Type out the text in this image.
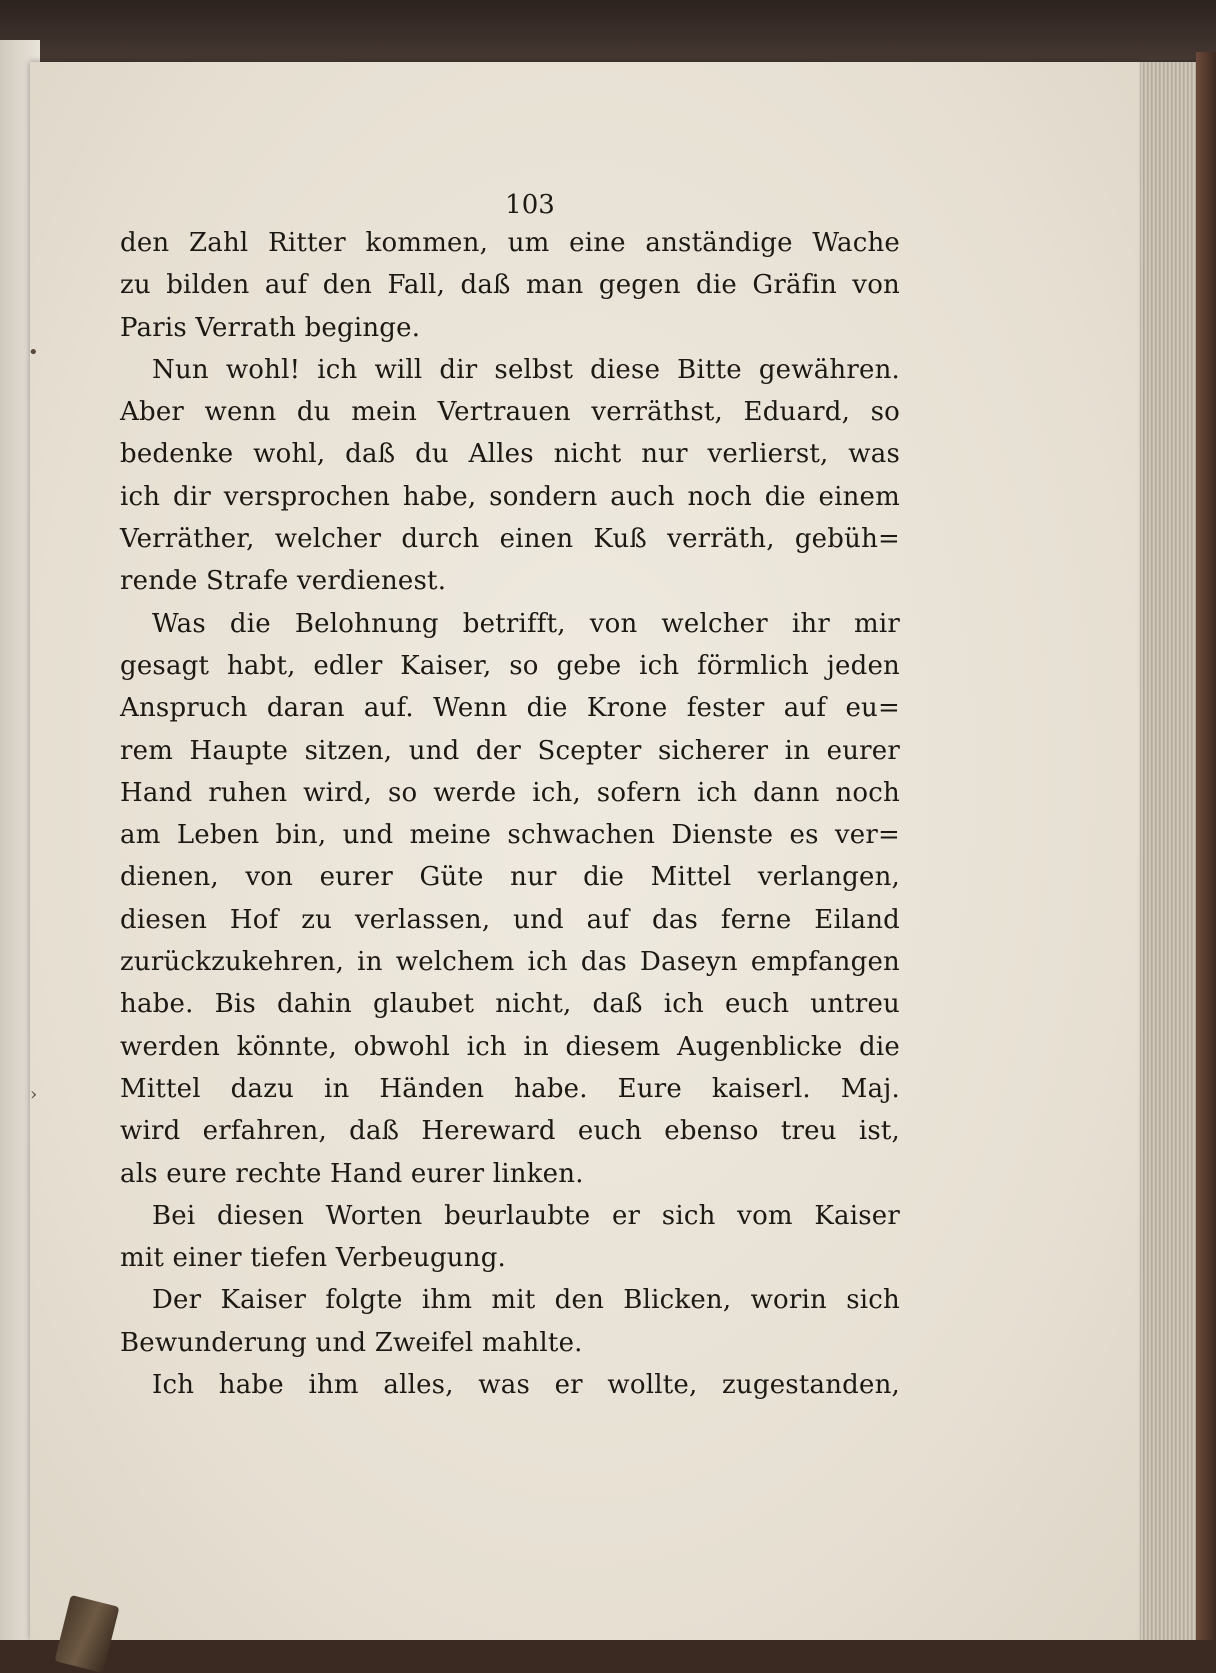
•
›
103
den Zahl Ritter kommen, um eine anständige Wache
zu bilden auf den Fall, daß man gegen die Gräfin von
Paris Verrath beginge.
Nun wohl! ich will dir selbst diese Bitte gewähren.
Aber wenn du mein Vertrauen verräthst, Eduard, so
bedenke wohl, daß du Alles nicht nur verlierst, was
ich dir versprochen habe, sondern auch noch die einem
Verräther, welcher durch einen Kuß verräth, gebüh=
rende Strafe verdienest.
Was die Belohnung betrifft, von welcher ihr mir
gesagt habt, edler Kaiser, so gebe ich förmlich jeden
Anspruch daran auf. Wenn die Krone fester auf eu=
rem Haupte sitzen, und der Scepter sicherer in eurer
Hand ruhen wird, so werde ich, sofern ich dann noch
am Leben bin, und meine schwachen Dienste es ver=
dienen, von eurer Güte nur die Mittel verlangen,
diesen Hof zu verlassen, und auf das ferne Eiland
zurückzukehren, in welchem ich das Daseyn empfangen
habe. Bis dahin glaubet nicht, daß ich euch untreu
werden könnte, obwohl ich in diesem Augenblicke die
Mittel dazu in Händen habe. Eure kaiserl. Maj.
wird erfahren, daß Hereward euch ebenso treu ist,
als eure rechte Hand eurer linken.
Bei diesen Worten beurlaubte er sich vom Kaiser
mit einer tiefen Verbeugung.
Der Kaiser folgte ihm mit den Blicken, worin sich
Bewunderung und Zweifel mahlte.
Ich habe ihm alles, was er wollte, zugestanden,
